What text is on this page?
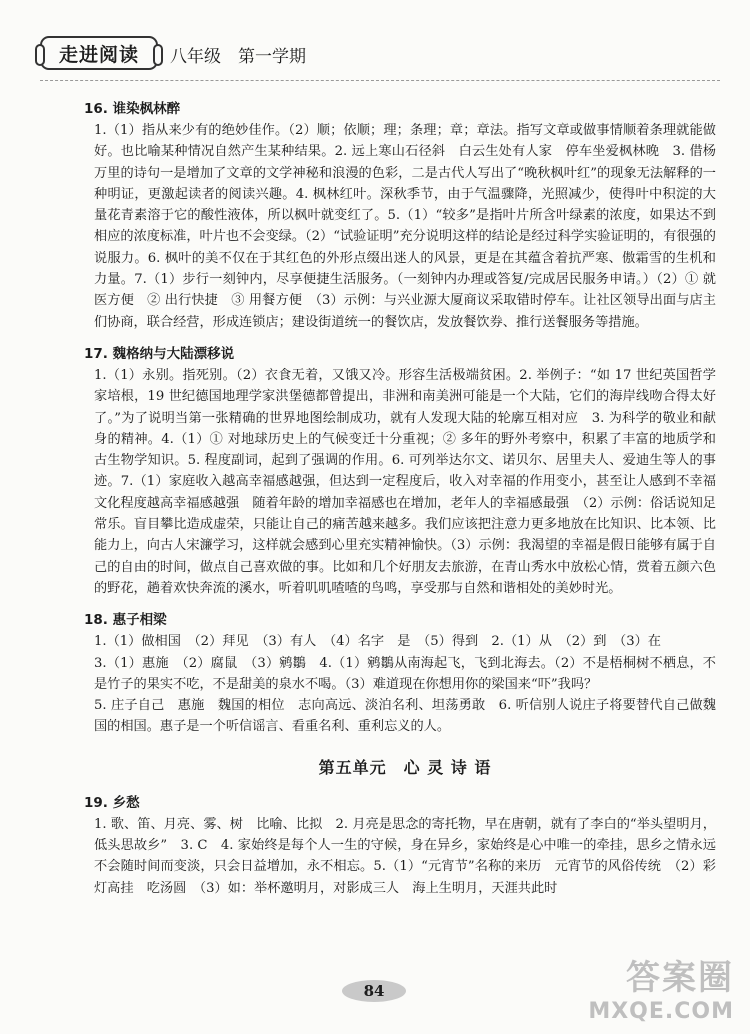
走进阅读	八年级　第一学期
16. 谁染枫林醉

1.（1）指从来少有的绝妙佳作。（2）顺；依顺；理；条理；章；章法。指写文章或做事情顺着条理就能做好。也比喻某种情况自然产生某种结果。2. 远上寒山石径斜　白云生处有人家　停车坐爱枫林晚　3. 借杨万里的诗句一是增加了文章的文学神秘和浪漫的色彩，二是古代人写出了“晚秋枫叶红”的现象无法解释的一种明证，更激起读者的阅读兴趣。4. 枫林红叶。深秋季节，由于气温骤降，光照减少，使得叶中积淀的大量花青素溶于它的酸性液体，所以枫叶就变红了。5.（1）“较多”是指叶片所含叶绿素的浓度，如果达不到相应的浓度标准，叶片也不会变绿。（2）“试验证明”充分说明这样的结论是经过科学实验证明的，有很强的说服力。6. 枫叶的美不仅在于其红色的外形点缀出迷人的风景，更是在其蕴含着抗严寒、傲霜雪的生机和力量。7.（1）步行一刻钟内，尽享便捷生活服务。（一刻钟内办理或答复/完成居民服务申请。）（2）① 就医方便　② 出行快捷　③ 用餐方便　（3）示例：与兴业源大厦商议采取错时停车。让社区领导出面与店主们协商，联合经营，形成连锁店；建设街道统一的餐饮店，发放餐饮券、推行送餐服务等措施。

17. 魏格纳与大陆漂移说

1.（1）永别。指死别。（2）衣食无着，又饿又冷。形容生活极端贫困。2. 举例子：“如 17 世纪英国哲学家培根，19 世纪德国地理学家洪堡德都曾提出，非洲和南美洲可能是一个大陆，它们的海岸线吻合得太好了。”为了说明当第一张精确的世界地图绘制成功，就有人发现大陆的轮廓互相对应　3. 为科学的敬业和献身的精神。4.（1）① 对地球历史上的气候变迁十分重视；② 多年的野外考察中，积累了丰富的地质学和古生物学知识。5. 程度副词，起到了强调的作用。6. 可列举达尔文、诺贝尔、居里夫人、爱迪生等人的事迹。7.（1）家庭收入越高幸福感越强，但达到一定程度后，收入对幸福的作用变小，甚至让人感到不幸福　文化程度越高幸福感越强　随着年龄的增加幸福感也在增加，老年人的幸福感最强　（2）示例：俗话说知足常乐。盲目攀比造成虚荣，只能让自己的痛苦越来越多。我们应该把注意力更多地放在比知识、比本领、比能力上，向古人宋濂学习，这样就会感到心里充实精神愉快。（3）示例：我渴望的幸福是假日能够有属于自己的自由的时间，做点自己喜欢做的事。比如和几个好朋友去旅游，在青山秀水中放松心情，赏着五颜六色的野花，趟着欢快奔流的溪水，听着叽叽喳喳的鸟鸣，享受那与自然和谐相处的美妙时光。

18. 惠子相梁

1.（1）做相国　（2）拜见　（3）有人　（4）名字　是　（5）得到　2.（1）从　（2）到　（3）在

3.（1）惠施　（2）腐鼠　（3）鹓鶵　4.（1）鹓鶵从南海起飞，飞到北海去。（2）不是梧桐树不栖息，不是竹子的果实不吃，不是甜美的泉水不喝。（3）难道现在你想用你的梁国来“吓”我吗？

5. 庄子自己　惠施　魏国的相位　志向高远、淡泊名利、坦荡勇敢　6. 听信别人说庄子将要替代自己做魏国的相国。惠子是一个听信谣言、看重名利、重利忘义的人。

第五单元　心 灵 诗 语
19. 乡愁

1. 歌、笛、月亮、雾、树　比喻、比拟　2. 月亮是思念的寄托物，早在唐朝，就有了李白的“举头望明月，低头思故乡”　3. C　4. 家始终是每个人一生的守候，身在异乡，家始终是心中唯一的牵挂，思乡之情永远不会随时间而变淡，只会日益增加，永不相忘。5.（1）“元宵节”名称的来历　元宵节的风俗传统　（2）彩灯高挂　吃汤圆　（3）如：举杯邀明月，对影成三人　海上生明月，天涯共此时

84	答案圈
MXQE.COM
